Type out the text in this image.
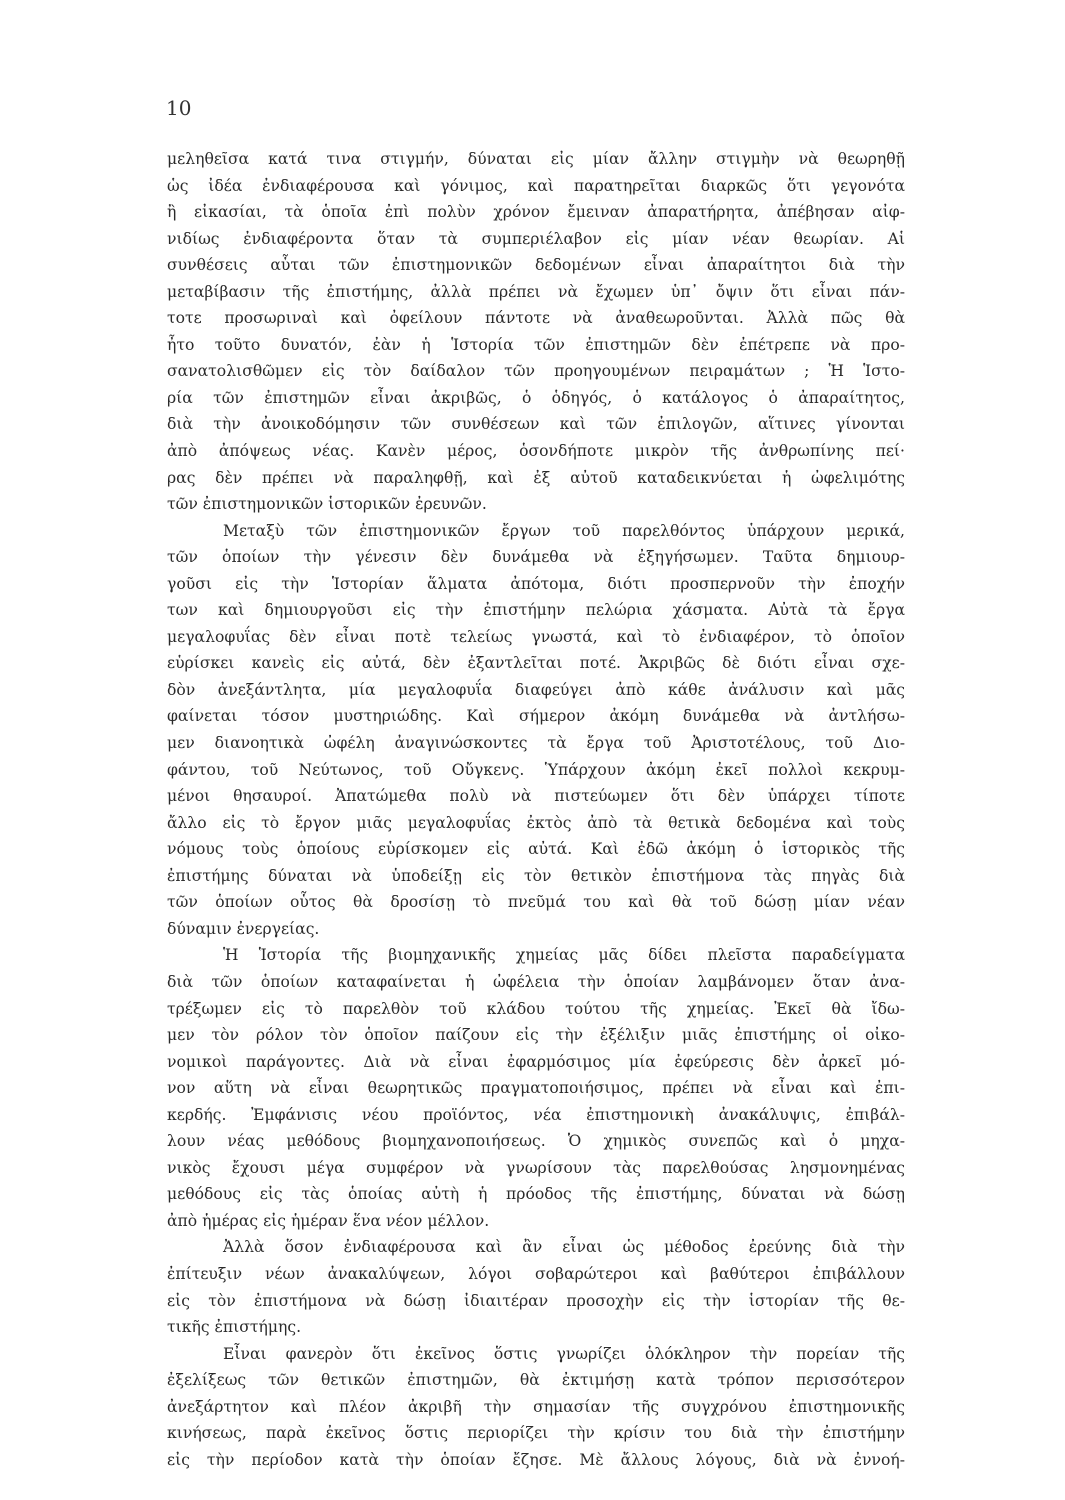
10
μεληθεῖσα κατά τινα στιγμήν, δύναται εἰς μίαν ἄλλην στιγμὴν νὰ θεωρηθῇ
ὡς ἰδέα ἐνδιαφέρουσα καὶ γόνιμος, καὶ παρατηρεῖται διαρκῶς ὅτι γεγονότα
ἢ εἰκασίαι, τὰ ὁποῖα ἐπὶ πολὺν χρόνον ἔμειναν ἀπαρατήρητα, ἀπέβησαν αἰφ-
νιδίως ἐνδιαφέροντα ὅταν τὰ συμπεριέλαβον εἰς μίαν νέαν θεωρίαν. Αἱ
συνθέσεις αὗται τῶν ἐπιστημονικῶν δεδομένων εἶναι ἀπαραίτητοι διὰ τὴν
μεταβίβασιν τῆς ἐπιστήμης, ἀλλὰ πρέπει νὰ ἔχωμεν ὑπ᾽ ὄψιν ὅτι εἶναι πάν-
τοτε προσωριναὶ καὶ ὀφείλουν πάντοτε νὰ ἀναθεωροῦνται. Ἀλλὰ πῶς θὰ
ἦτο τοῦτο δυνατόν, ἐὰν ἡ Ἱστορία τῶν ἐπιστημῶν δὲν ἐπέτρεπε νὰ προ-
σανατολισθῶμεν εἰς τὸν δαίδαλον τῶν προηγουμένων πειραμάτων ; Ἡ Ἱστο-
ρία τῶν ἐπιστημῶν εἶναι ἀκριβῶς, ὁ ὁδηγός, ὁ κατάλογος ὁ ἀπαραίτητος,
διὰ τὴν ἀνοικοδόμησιν τῶν συνθέσεων καὶ τῶν ἐπιλογῶν, αἵτινες γίνονται
ἀπὸ ἀπόψεως νέας. Κανὲν μέρος, ὁσονδήποτε μικρὸν τῆς ἀνθρωπίνης πεί·
ρας δὲν πρέπει νὰ παραληφθῇ, καὶ ἐξ αὐτοῦ καταδεικνύεται ἡ ὠφελιμότης
τῶν ἐπιστημονικῶν ἱστορικῶν ἐρευνῶν.
Μεταξὺ τῶν ἐπιστημονικῶν ἔργων τοῦ παρελθόντος ὑπάρχουν μερικά,
τῶν ὁποίων τὴν γένεσιν δὲν δυνάμεθα νὰ ἐξηγήσωμεν. Ταῦτα δημιουρ-
γοῦσι εἰς τὴν Ἱστορίαν ἅλματα ἀπότομα, διότι προσπερνοῦν τὴν ἐποχήν
των καὶ δημιουργοῦσι εἰς τὴν ἐπιστήμην πελώρια χάσματα. Αὐτὰ τὰ ἔργα
μεγαλοφυΐας δὲν εἶναι ποτὲ τελείως γνωστά, καὶ τὸ ἐνδιαφέρον, τὸ ὁποῖον
εὑρίσκει κανεὶς εἰς αὐτά, δὲν ἐξαντλεῖται ποτέ. Ἀκριβῶς δὲ διότι εἶναι σχε-
δὸν ἀνεξάντλητα, μία μεγαλοφυΐα διαφεύγει ἀπὸ κάθε ἀνάλυσιν καὶ μᾶς
φαίνεται τόσον μυστηριώδης. Καὶ σήμερον ἀκόμη δυνάμεθα νὰ ἀντλήσω-
μεν διανοητικὰ ὠφέλη ἀναγινώσκοντες τὰ ἔργα τοῦ Ἀριστοτέλους, τοῦ Διο-
φάντου, τοῦ Νεύτωνος, τοῦ Οὔγκενς. Ὑπάρχουν ἀκόμη ἐκεῖ πολλοὶ κεκρυμ-
μένοι θησαυροί. Ἀπατώμεθα πολὺ νὰ πιστεύωμεν ὅτι δὲν ὑπάρχει τίποτε
ἄλλο εἰς τὸ ἔργον μιᾶς μεγαλοφυΐας ἐκτὸς ἀπὸ τὰ θετικὰ δεδομένα καὶ τοὺς
νόμους τοὺς ὁποίους εὑρίσκομεν εἰς αὐτά. Καὶ ἐδῶ ἀκόμη ὁ ἱστορικὸς τῆς
ἐπιστήμης δύναται νὰ ὑποδείξῃ εἰς τὸν θετικὸν ἐπιστήμονα τὰς πηγὰς διὰ
τῶν ὁποίων οὗτος θὰ δροσίσῃ τὸ πνεῦμά του καὶ θὰ τοῦ δώσῃ μίαν νέαν
δύναμιν ἐνεργείας.
Ἡ Ἱστορία τῆς βιομηχανικῆς χημείας μᾶς δίδει πλεῖστα παραδείγματα
διὰ τῶν ὁποίων καταφαίνεται ἡ ὠφέλεια τὴν ὁποίαν λαμβάνομεν ὅταν ἀνα-
τρέξωμεν εἰς τὸ παρελθὸν τοῦ κλάδου τούτου τῆς χημείας. Ἐκεῖ θὰ ἴδω-
μεν τὸν ρόλον τὸν ὁποῖον παίζουν εἰς τὴν ἐξέλιξιν μιᾶς ἐπιστήμης οἱ οἰκο-
νομικοὶ παράγοντες. Διὰ νὰ εἶναι ἐφαρμόσιμος μία ἐφεύρεσις δὲν ἀρκεῖ μό-
νον αὕτη νὰ εἶναι θεωρητικῶς πραγματοποιήσιμος, πρέπει νὰ εἶναι καὶ ἐπι-
κερδής. Ἐμφάνισις νέου προϊόντος, νέα ἐπιστημονικὴ ἀνακάλυψις, ἐπιβάλ-
λουν νέας μεθόδους βιομηχανοποιήσεως. Ὁ χημικὸς συνεπῶς καὶ ὁ μηχα-
νικὸς ἔχουσι μέγα συμφέρον νὰ γνωρίσουν τὰς παρελθούσας λησμονημένας
μεθόδους εἰς τὰς ὁποίας αὐτὴ ἡ πρόοδος τῆς ἐπιστήμης, δύναται νὰ δώσῃ
ἀπὸ ἡμέρας εἰς ἡμέραν ἕνα νέον μέλλον.
Ἀλλὰ ὅσον ἐνδιαφέρουσα καὶ ἂν εἶναι ὡς μέθοδος ἐρεύνης διὰ τὴν
ἐπίτευξιν νέων ἀνακαλύψεων, λόγοι σοβαρώτεροι καὶ βαθύτεροι ἐπιβάλλουν
εἰς τὸν ἐπιστήμονα νὰ δώσῃ ἰδιαιτέραν προσοχὴν εἰς τὴν ἱστορίαν τῆς θε-
τικῆς ἐπιστήμης.
Εἶναι φανερὸν ὅτι ἐκεῖνος ὅστις γνωρίζει ὁλόκληρον τὴν πορείαν τῆς
ἐξελίξεως τῶν θετικῶν ἐπιστημῶν, θὰ ἐκτιμήσῃ κατὰ τρόπον περισσότερον
ἀνεξάρτητον καὶ πλέον ἀκριβῆ τὴν σημασίαν τῆς συγχρόνου ἐπιστημονικῆς
κινήσεως, παρὰ ἐκεῖνος ὅστις περιορίζει τὴν κρίσιν του διὰ τὴν ἐπιστήμην
εἰς τὴν περίοδον κατὰ τὴν ὁποίαν ἔζησε. Μὲ ἄλλους λόγους, διὰ νὰ ἐννοή-
